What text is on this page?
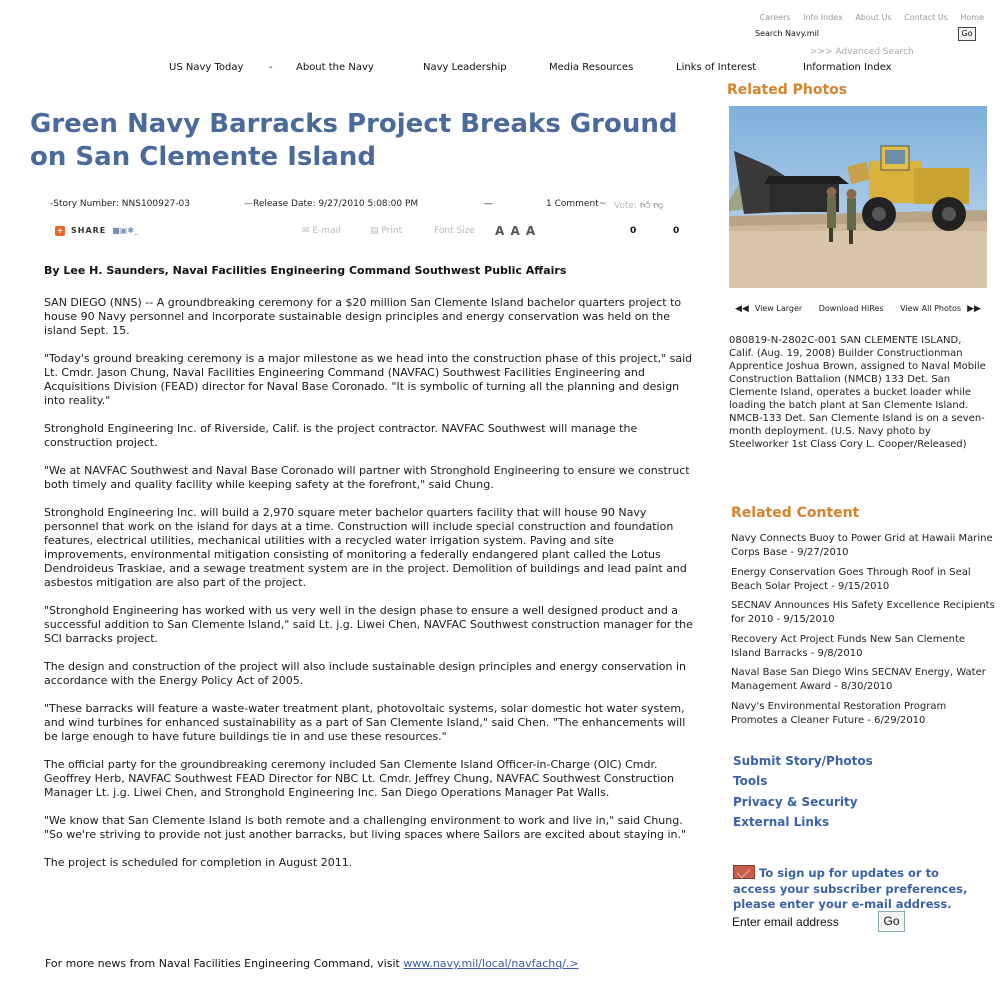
Careers Info Index About Us Contact Us Home
Search Navy.mil	Go
>>> Advanced Search
US Navy Today	- About the Navy	Navy Leadership	Media Resources	Links of Interest	Information Index
Green Navy Barracks Project Breaks Ground on San Clemente Island
-Story Number: NNS100927-03	—Release Date: 9/27/2010 5:08:00 PM	—	1 Comment~ Vote: 👍︎ 👎︎
+ SHARE ■▣✱_	✉ E-mail	▤ Print	Font Size A A A	0	0
By Lee H. Saunders, Naval Facilities Engineering Command Southwest Public Affairs

SAN DIEGO (NNS) -- A groundbreaking ceremony for a $20 million San Clemente Island bachelor quarters project to house 90 Navy personnel and incorporate sustainable design principles and energy conservation was held on the island Sept. 15.

"Today's ground breaking ceremony is a major milestone as we head into the construction phase of this project," said Lt. Cmdr. Jason Chung, Naval Facilities Engineering Command (NAVFAC) Southwest Facilities Engineering and Acquisitions Division (FEAD) director for Naval Base Coronado. "It is symbolic of turning all the planning and design into reality."

Stronghold Engineering Inc. of Riverside, Calif. is the project contractor. NAVFAC Southwest will manage the construction project.

"We at NAVFAC Southwest and Naval Base Coronado will partner with Stronghold Engineering to ensure we construct both timely and quality facility while keeping safety at the forefront," said Chung.

Stronghold Engineering Inc. will build a 2,970 square meter bachelor quarters facility that will house 90 Navy personnel that work on the island for days at a time. Construction will include special construction and foundation features, electrical utilities, mechanical utilities with a recycled water irrigation system. Paving and site improvements, environmental mitigation consisting of monitoring a federally endangered plant called the Lotus Dendroideus Traskiae, and a sewage treatment system are in the project. Demolition of buildings and lead paint and asbestos mitigation are also part of the project.

"Stronghold Engineering has worked with us very well in the design phase to ensure a well designed product and a successful addition to San Clemente Island," said Lt. j.g. Liwei Chen, NAVFAC Southwest construction manager for the SCI barracks project.

The design and construction of the project will also include sustainable design principles and energy conservation in accordance with the Energy Policy Act of 2005.

"These barracks will feature a waste-water treatment plant, photovoltaic systems, solar domestic hot water system, and wind turbines for enhanced sustainability as a part of San Clemente Island," said Chen. "The enhancements will be large enough to have future buildings tie in and use these resources."

The official party for the groundbreaking ceremony included San Clemente Island Officer-in-Charge (OIC) Cmdr. Geoffrey Herb, NAVFAC Southwest FEAD Director for NBC Lt. Cmdr. Jeffrey Chung, NAVFAC Southwest Construction Manager Lt. j.g. Liwei Chen, and Stronghold Engineering Inc. San Diego Operations Manager Pat Walls.

"We know that San Clemente Island is both remote and a challenging environment to work and live in," said Chung. "So we're striving to provide not just another barracks, but living spaces where Sailors are excited about staying in."

The project is scheduled for completion in August 2011.

For more news from Naval Facilities Engineering Command, visit www.navy.mil/local/navfachq/.>
Related Photos
◀◀ View Larger Download HiRes View All Photos ▶▶
080819-N-2802C-001 SAN CLEMENTE ISLAND, Calif. (Aug. 19, 2008) Builder Constructionman Apprentice Joshua Brown, assigned to Naval Mobile Construction Battalion (NMCB) 133 Det. San Clemente Island, operates a bucket loader while loading the batch plant at San Clemente Island. NMCB-133 Det. San Clemente Island is on a seven-month deployment. (U.S. Navy photo by Steelworker 1st Class Cory L. Cooper/Released)
Related Content
Navy Connects Buoy to Power Grid at Hawaii Marine Corps Base - 9/27/2010
Energy Conservation Goes Through Roof in Seal Beach Solar Project - 9/15/2010
SECNAV Announces His Safety Excellence Recipients for 2010 - 9/15/2010
Recovery Act Project Funds New San Clemente Island Barracks - 9/8/2010
Naval Base San Diego Wins SECNAV Energy, Water Management Award - 8/30/2010
Navy's Environmental Restoration Program Promotes a Cleaner Future - 6/29/2010
Submit Story/Photos
Tools
Privacy & Security
External Links
To sign up for updates or to access your subscriber preferences, please enter your e-mail address.
Enter email address
Go
